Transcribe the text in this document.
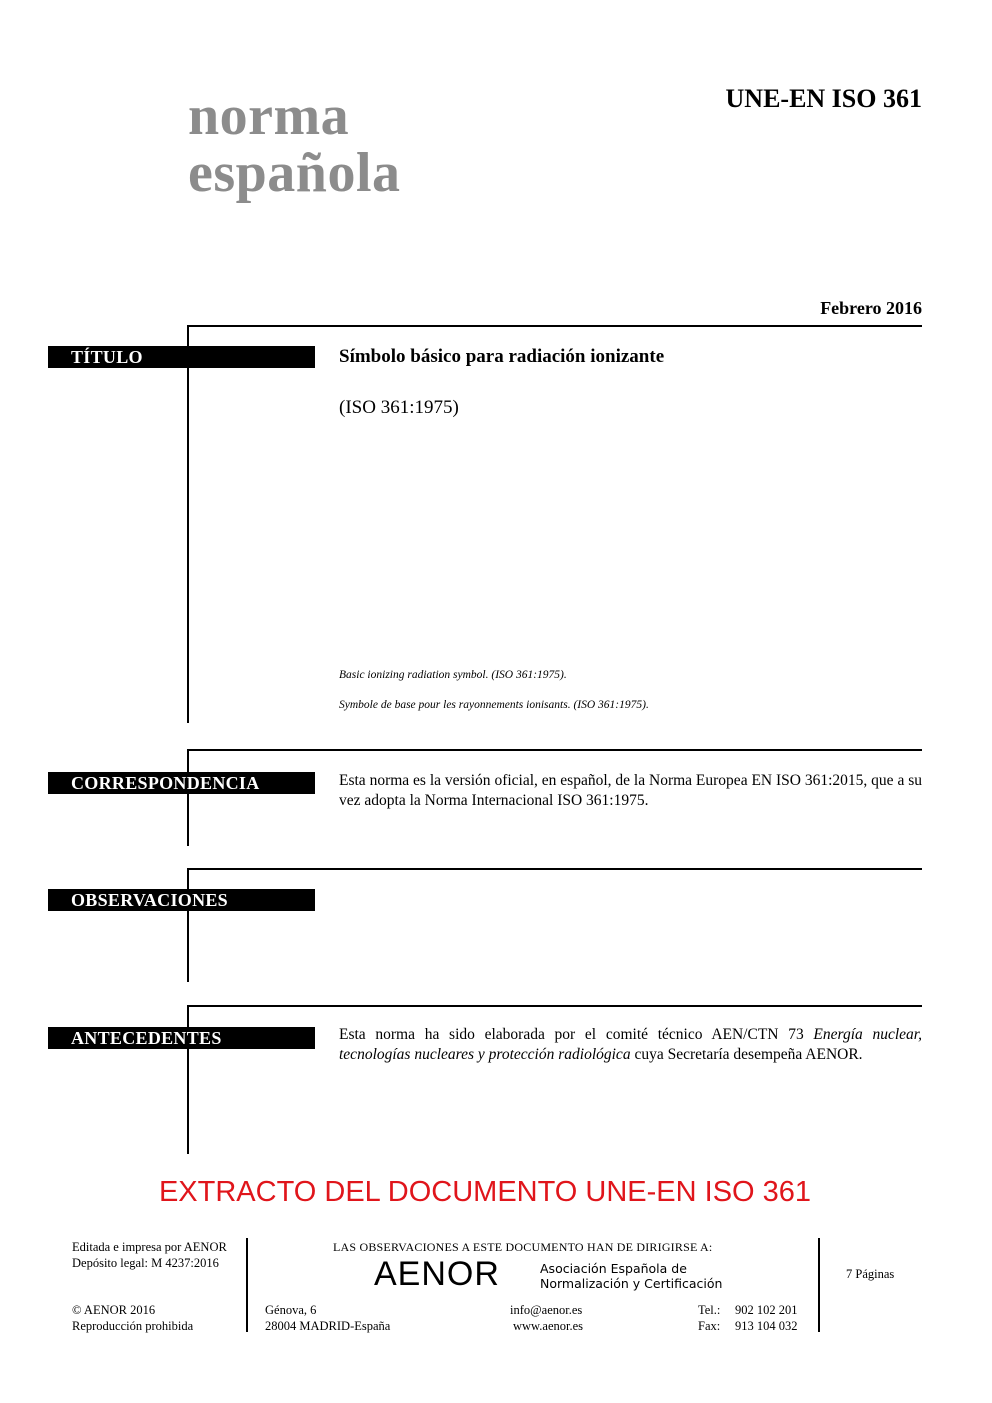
norma
española
UNE-EN ISO 361
Febrero 2016
TÍTULO	Símbolo básico para radiación ionizante
(ISO 361:1975)
Basic ionizing radiation symbol. (ISO 361:1975).
Symbole de base pour les rayonnements ionisants. (ISO 361:1975).
CORRESPONDENCIA	Esta norma es la versión oficial, en español, de la Norma Europea EN ISO 361:2015, que a su vez adopta la Norma Internacional ISO 361:1975.
OBSERVACIONES
ANTECEDENTES	Esta norma ha sido elaborada por el comité técnico AEN/CTN 73 Energía nuclear, tecnologías nucleares y protección radiológica cuya Secretaría desempeña AENOR.
EXTRACTO DEL DOCUMENTO UNE-EN ISO 361
Editada e impresa por AENOR
Depósito legal: M 4237:2016
© AENOR 2016
Reproducción prohibida
LAS OBSERVACIONES A ESTE DOCUMENTO HAN DE DIRIGIRSE A:
AENOR	Asociación Española de
Normalización y Certificación
Génova, 6
28004 MADRID-España
info@aenor.es
www.aenor.es
Tel.: 902 102 201
Fax: 913 104 032
7 Páginas
